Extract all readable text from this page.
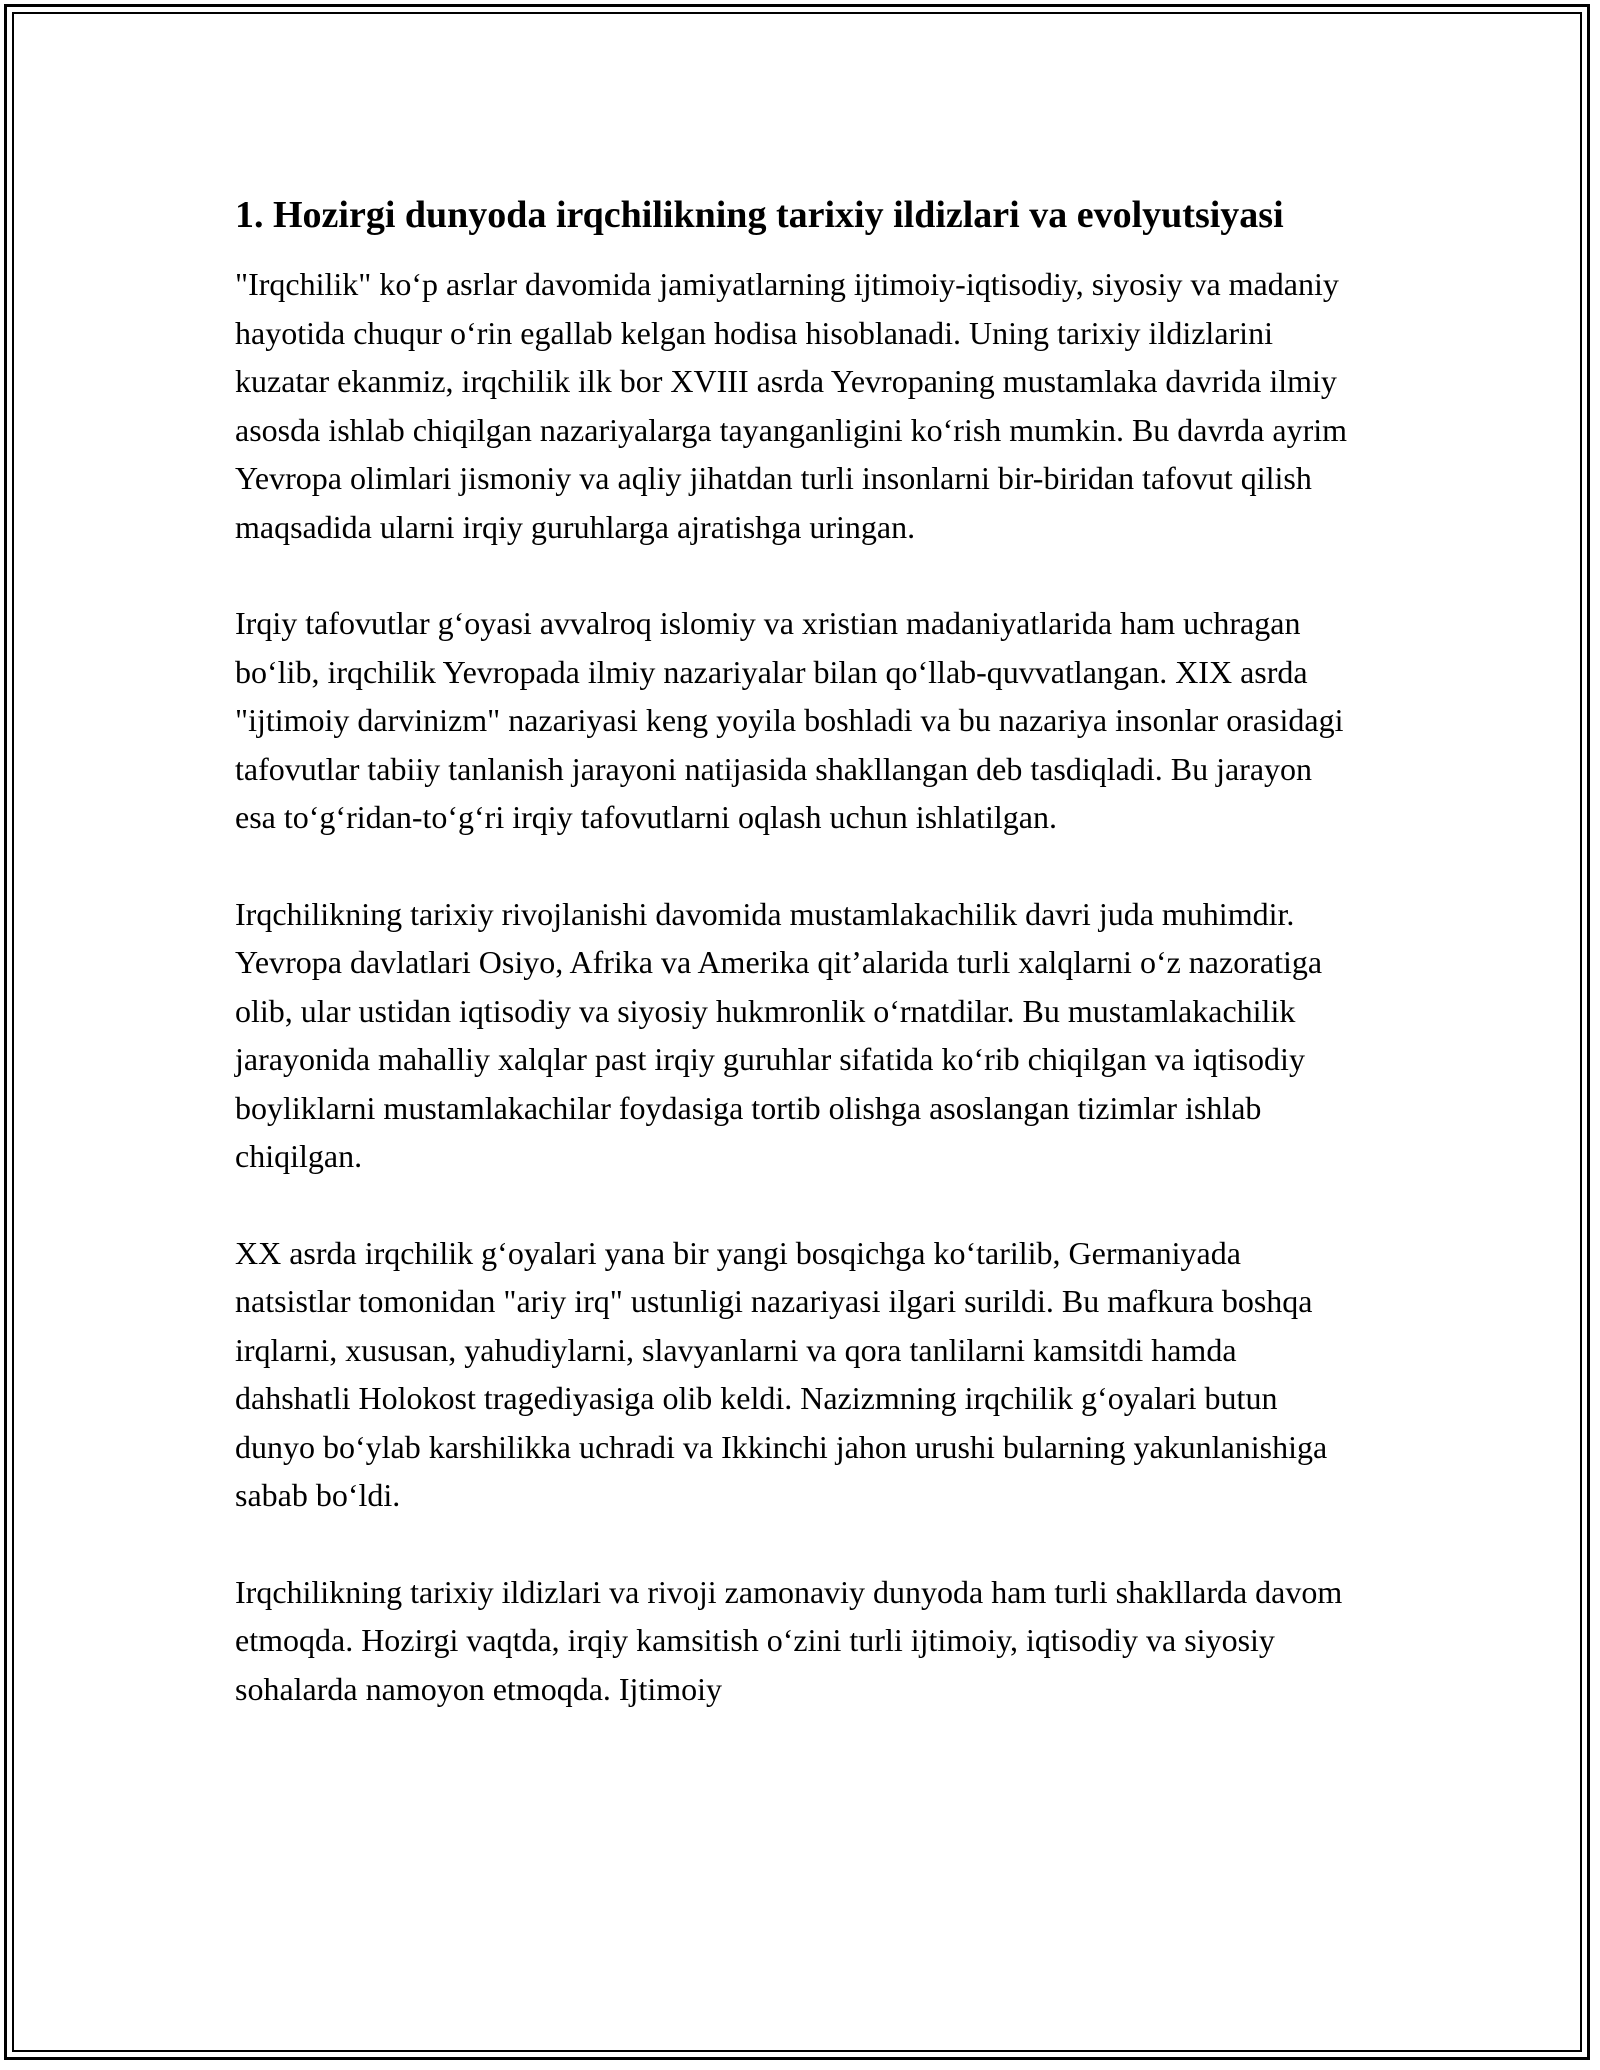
1. Hozirgi dunyoda irqchilikning tarixiy ildizlari va evolyutsiyasi

"Irqchilik" ko‘p asrlar davomida jamiyatlarning ijtimoiy-iqtisodiy, siyosiy va madaniy hayotida chuqur o‘rin egallab kelgan hodisa hisoblanadi. Uning tarixiy ildizlarini kuzatar ekanmiz, irqchilik ilk bor XVIII asrda Yevropaning mustamlaka davrida ilmiy asosda ishlab chiqilgan nazariyalarga tayanganligini ko‘rish mumkin. Bu davrda ayrim Yevropa olimlari jismoniy va aqliy jihatdan turli insonlarni bir-biridan tafovut qilish maqsadida ularni irqiy guruhlarga ajratishga uringan.

Irqiy tafovutlar g‘oyasi avvalroq islomiy va xristian madaniyatlarida ham uchragan bo‘lib, irqchilik Yevropada ilmiy nazariyalar bilan qo‘llab-quvvatlangan. XIX asrda "ijtimoiy darvinizm" nazariyasi keng yoyila boshladi va bu nazariya insonlar orasidagi tafovutlar tabiiy tanlanish jarayoni natijasida shakllangan deb tasdiqladi. Bu jarayon esa to‘g‘ridan-to‘g‘ri irqiy tafovutlarni oqlash uchun ishlatilgan.

Irqchilikning tarixiy rivojlanishi davomida mustamlakachilik davri juda muhimdir. Yevropa davlatlari Osiyo, Afrika va Amerika qit’alarida turli xalqlarni o‘z nazoratiga olib, ular ustidan iqtisodiy va siyosiy hukmronlik o‘rnatdilar. Bu mustamlakachilik jarayonida mahalliy xalqlar past irqiy guruhlar sifatida ko‘rib chiqilgan va iqtisodiy boyliklarni mustamlakachilar foydasiga tortib olishga asoslangan tizimlar ishlab chiqilgan.

XX asrda irqchilik g‘oyalari yana bir yangi bosqichga ko‘tarilib, Germaniyada natsistlar tomonidan "ariy irq" ustunligi nazariyasi ilgari surildi. Bu mafkura boshqa irqlarni, xususan, yahudiylarni, slavyanlarni va qora tanlilarni kamsitdi hamda dahshatli Holokost tragediyasiga olib keldi. Nazizmning irqchilik g‘oyalari butun dunyo bo‘ylab karshilikka uchradi va Ikkinchi jahon urushi bularning yakunlanishiga sabab bo‘ldi.

Irqchilikning tarixiy ildizlari va rivoji zamonaviy dunyoda ham turli shakllarda davom etmoqda. Hozirgi vaqtda, irqiy kamsitish o‘zini turli ijtimoiy, iqtisodiy va siyosiy sohalarda namoyon etmoqda. Ijtimoiy
